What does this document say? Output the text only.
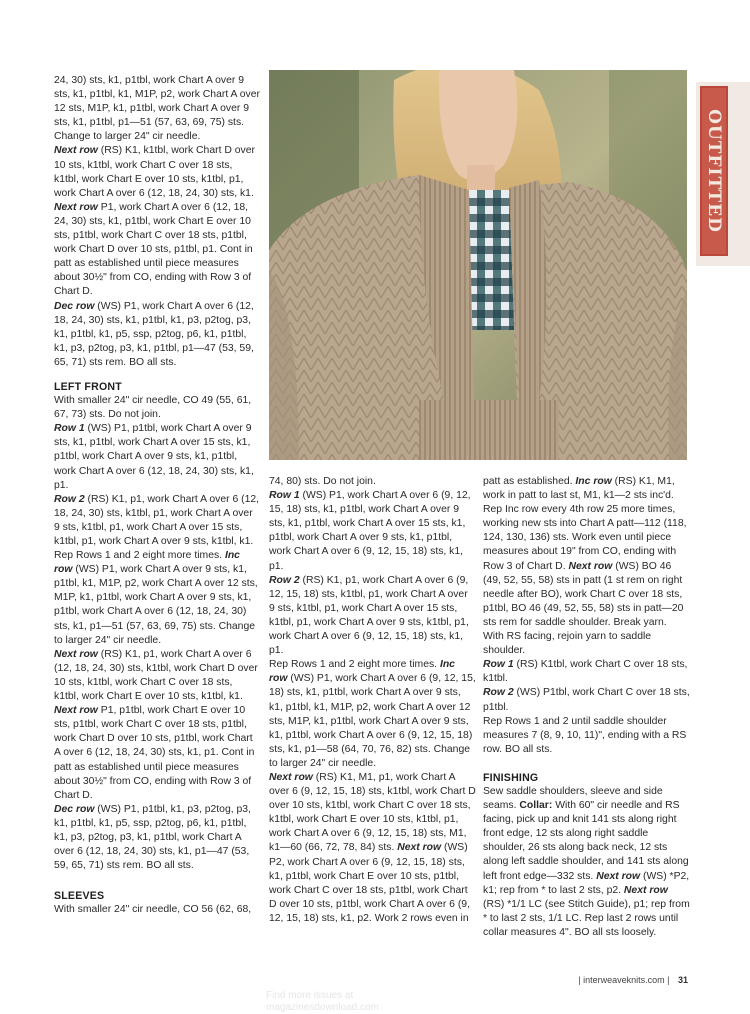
24, 30) sts, k1, p1tbl, work Chart A over 9 sts, k1, p1tbl, k1, M1P, p2, work Chart A over 12 sts, M1P, k1, p1tbl, work Chart A over 9 sts, k1, p1tbl, p1—51 (57, 63, 69, 75) sts. Change to larger 24" cir needle.

Next row (RS) K1, k1tbl, work Chart D over 10 sts, k1tbl, work Chart C over 18 sts, k1tbl, work Chart E over 10 sts, k1tbl, p1, work Chart A over 6 (12, 18, 24, 30) sts, k1. Next row P1, work Chart A over 6 (12, 18, 24, 30) sts, k1, p1tbl, work Chart E over 10 sts, p1tbl, work Chart C over 18 sts, p1tbl, work Chart D over 10 sts, p1tbl, p1. Cont in patt as established until piece measures about 30½" from CO, ending with Row 3 of Chart D.

Dec row (WS) P1, work Chart A over 6 (12, 18, 24, 30) sts, k1, p1tbl, k1, p3, p2tog, p3, k1, p1tbl, k1, p5, ssp, p2tog, p6, k1, p1tbl, k1, p3, p2tog, p3, k1, p1tbl, p1—47 (53, 59, 65, 71) sts rem. BO all sts.

LEFT FRONT

With smaller 24" cir needle, CO 49 (55, 61, 67, 73) sts. Do not join.

Row 1 (WS) P1, p1tbl, work Chart A over 9 sts, k1, p1tbl, work Chart A over 15 sts, k1, p1tbl, work Chart A over 9 sts, k1, p1tbl, work Chart A over 6 (12, 18, 24, 30) sts, k1, p1.

Row 2 (RS) K1, p1, work Chart A over 6 (12, 18, 24, 30) sts, k1tbl, p1, work Chart A over 9 sts, k1tbl, p1, work Chart A over 15 sts, k1tbl, p1, work Chart A over 9 sts, k1tbl, k1.

Rep Rows 1 and 2 eight more times. Inc row (WS) P1, work Chart A over 9 sts, k1, p1tbl, k1, M1P, p2, work Chart A over 12 sts, M1P, k1, p1tbl, work Chart A over 9 sts, k1, p1tbl, work Chart A over 6 (12, 18, 24, 30) sts, k1, p1—51 (57, 63, 69, 75) sts. Change to larger 24" cir needle.

Next row (RS) K1, p1, work Chart A over 6 (12, 18, 24, 30) sts, k1tbl, work Chart D over 10 sts, k1tbl, work Chart C over 18 sts, k1tbl, work Chart E over 10 sts, k1tbl, k1. Next row P1, p1tbl, work Chart E over 10 sts, p1tbl, work Chart C over 18 sts, p1tbl, work Chart D over 10 sts, p1tbl, work Chart A over 6 (12, 18, 24, 30) sts, k1, p1. Cont in patt as established until piece measures about 30½" from CO, ending with Row 3 of Chart D.

Dec row (WS) P1, p1tbl, k1, p3, p2tog, p3, k1, p1tbl, k1, p5, ssp, p2tog, p6, k1, p1tbl, k1, p3, p2tog, p3, k1, p1tbl, work Chart A over 6 (12, 18, 24, 30) sts, k1, p1—47 (53, 59, 65, 71) sts rem. BO all sts.

SLEEVES

With smaller 24" cir needle, CO 56 (62, 68,

OUTFITTED

74, 80) sts. Do not join.

Row 1 (WS) P1, work Chart A over 6 (9, 12, 15, 18) sts, k1, p1tbl, work Chart A over 9 sts, k1, p1tbl, work Chart A over 15 sts, k1, p1tbl, work Chart A over 9 sts, k1, p1tbl, work Chart A over 6 (9, 12, 15, 18) sts, k1, p1.

Row 2 (RS) K1, p1, work Chart A over 6 (9, 12, 15, 18) sts, k1tbl, p1, work Chart A over 9 sts, k1tbl, p1, work Chart A over 15 sts, k1tbl, p1, work Chart A over 9 sts, k1tbl, p1, work Chart A over 6 (9, 12, 15, 18) sts, k1, p1.

Rep Rows 1 and 2 eight more times. Inc row (WS) P1, work Chart A over 6 (9, 12, 15, 18) sts, k1, p1tbl, work Chart A over 9 sts, k1, p1tbl, k1, M1P, p2, work Chart A over 12 sts, M1P, k1, p1tbl, work Chart A over 9 sts, k1, p1tbl, work Chart A over 6 (9, 12, 15, 18) sts, k1, p1—58 (64, 70, 76, 82) sts. Change to larger 24" cir needle.

Next row (RS) K1, M1, p1, work Chart A over 6 (9, 12, 15, 18) sts, k1tbl, work Chart D over 10 sts, k1tbl, work Chart C over 18 sts, k1tbl, work Chart E over 10 sts, k1tbl, p1, work Chart A over 6 (9, 12, 15, 18) sts, M1, k1—60 (66, 72, 78, 84) sts. Next row (WS) P2, work Chart A over 6 (9, 12, 15, 18) sts, k1, p1tbl, work Chart E over 10 sts, p1tbl, work Chart C over 18 sts, p1tbl, work Chart D over 10 sts, p1tbl, work Chart A over 6 (9, 12, 15, 18) sts, k1, p2. Work 2 rows even in

patt as established. Inc row (RS) K1, M1, work in patt to last st, M1, k1—2 sts inc'd. Rep Inc row every 4th row 25 more times, working new sts into Chart A patt—112 (118, 124, 130, 136) sts. Work even until piece measures about 19" from CO, ending with Row 3 of Chart D. Next row (WS) BO 46 (49, 52, 55, 58) sts in patt (1 st rem on right needle after BO), work Chart C over 18 sts, p1tbl, BO 46 (49, 52, 55, 58) sts in patt—20 sts rem for saddle shoulder. Break yarn. With RS facing, rejoin yarn to saddle shoulder.

Row 1 (RS) K1tbl, work Chart C over 18 sts, k1tbl.

Row 2 (WS) P1tbl, work Chart C over 18 sts, p1tbl.

Rep Rows 1 and 2 until saddle shoulder measures 7 (8, 9, 10, 11)", ending with a RS row. BO all sts.

FINISHING

Sew saddle shoulders, sleeve and side seams. Collar: With 60" cir needle and RS facing, pick up and knit 141 sts along right front edge, 12 sts along right saddle shoulder, 26 sts along back neck, 12 sts along left saddle shoulder, and 141 sts along left front edge—332 sts. Next row (WS) *P2, k1; rep from * to last 2 sts, p2. Next row (RS) *1/1 LC (see Stitch Guide), p1; rep from * to last 2 sts, 1/1 LC. Rep last 2 rows until collar measures 4". BO all sts loosely.

| interweaveknits.com | 31
Find more issues at
magazinesdownload.com
